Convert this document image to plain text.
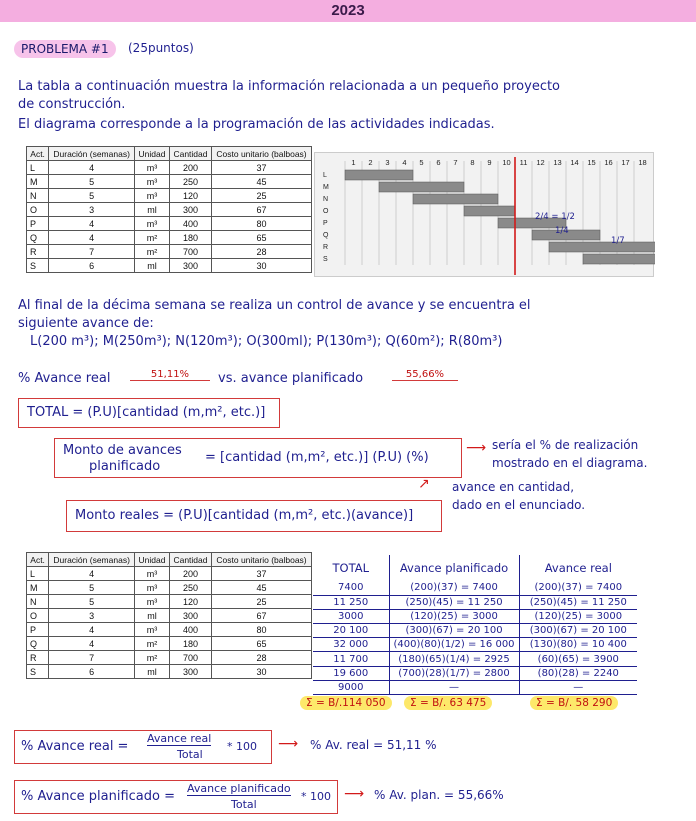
2023
PROBLEMA #1	(25puntos)
La tabla a continuación muestra la información relacionada a un pequeño proyecto
de construcción.
El diagrama corresponde a la programación de las actividades indicadas.
Act.	Duración (semanas)	Unidad	Cantidad	Costo unitario (balboas)
L	4	m³	200	37
M	5	m³	250	45
N	5	m³	120	25
O	3	ml	300	67
P	4	m³	400	80
Q	4	m²	180	65
R	7	m²	700	28
S	6	ml	300	30
1 2 3 4 5 6 7 8 9 10 11 12 13 14 15 16 17 18
L
M
N
O
P
Q
R
S
2/4 = 1/2
1/4
1/7
Al final de la décima semana se realiza un control de avance y se encuentra el
siguiente avance de:
L(200 m³); M(250m³); N(120m³); O(300ml); P(130m³); Q(60m²); R(80m³)
% Avance real	51,11%	vs. avance planificado	55,66%
TOTAL = (P.U)[cantidad (m,m², etc.)]
Monto de avances
planificado
= [cantidad (m,m², etc.)] (P.U) (%)
⟶ sería el % de realización
mostrado en el diagrama.
Monto reales = (P.U)[cantidad (m,m², etc.)(avance)]
↗ avance en cantidad,
dado en el enunciado.
Act.	Duración (semanas)	Unidad	Cantidad	Costo unitario (balboas)
L	4	m³	200	37
M	5	m³	250	45
N	5	m³	120	25
O	3	ml	300	67
P	4	m³	400	80
Q	4	m²	180	65
R	7	m²	700	28
S	6	ml	300	30
TOTAL	Avance planificado	Avance real
7400	(200)(37) = 7400	(200)(37) = 7400
11 250	(250)(45) = 11 250	(250)(45) = 11 250
3000	(120)(25) = 3000	(120)(25) = 3000
20 100	(300)(67) = 20 100	(300)(67) = 20 100
32 000	(400)(80)(1/2) = 16 000	(130)(80) = 10 400
11 700	(180)(65)(1/4) = 2925	(60)(65) = 3900
19 600	(700)(28)(1/7) = 2800	(80)(28) = 2240
9000	—	—
Σ = B/.114 050	Σ = B/. 63 475	Σ = B/. 58 290
% Avance real =
Avance real
Total
* 100 ⟶ % Av. real = 51,11 %
% Avance planificado =
Avance planificado
Total
* 100 ⟶ % Av. plan. = 55,66%
